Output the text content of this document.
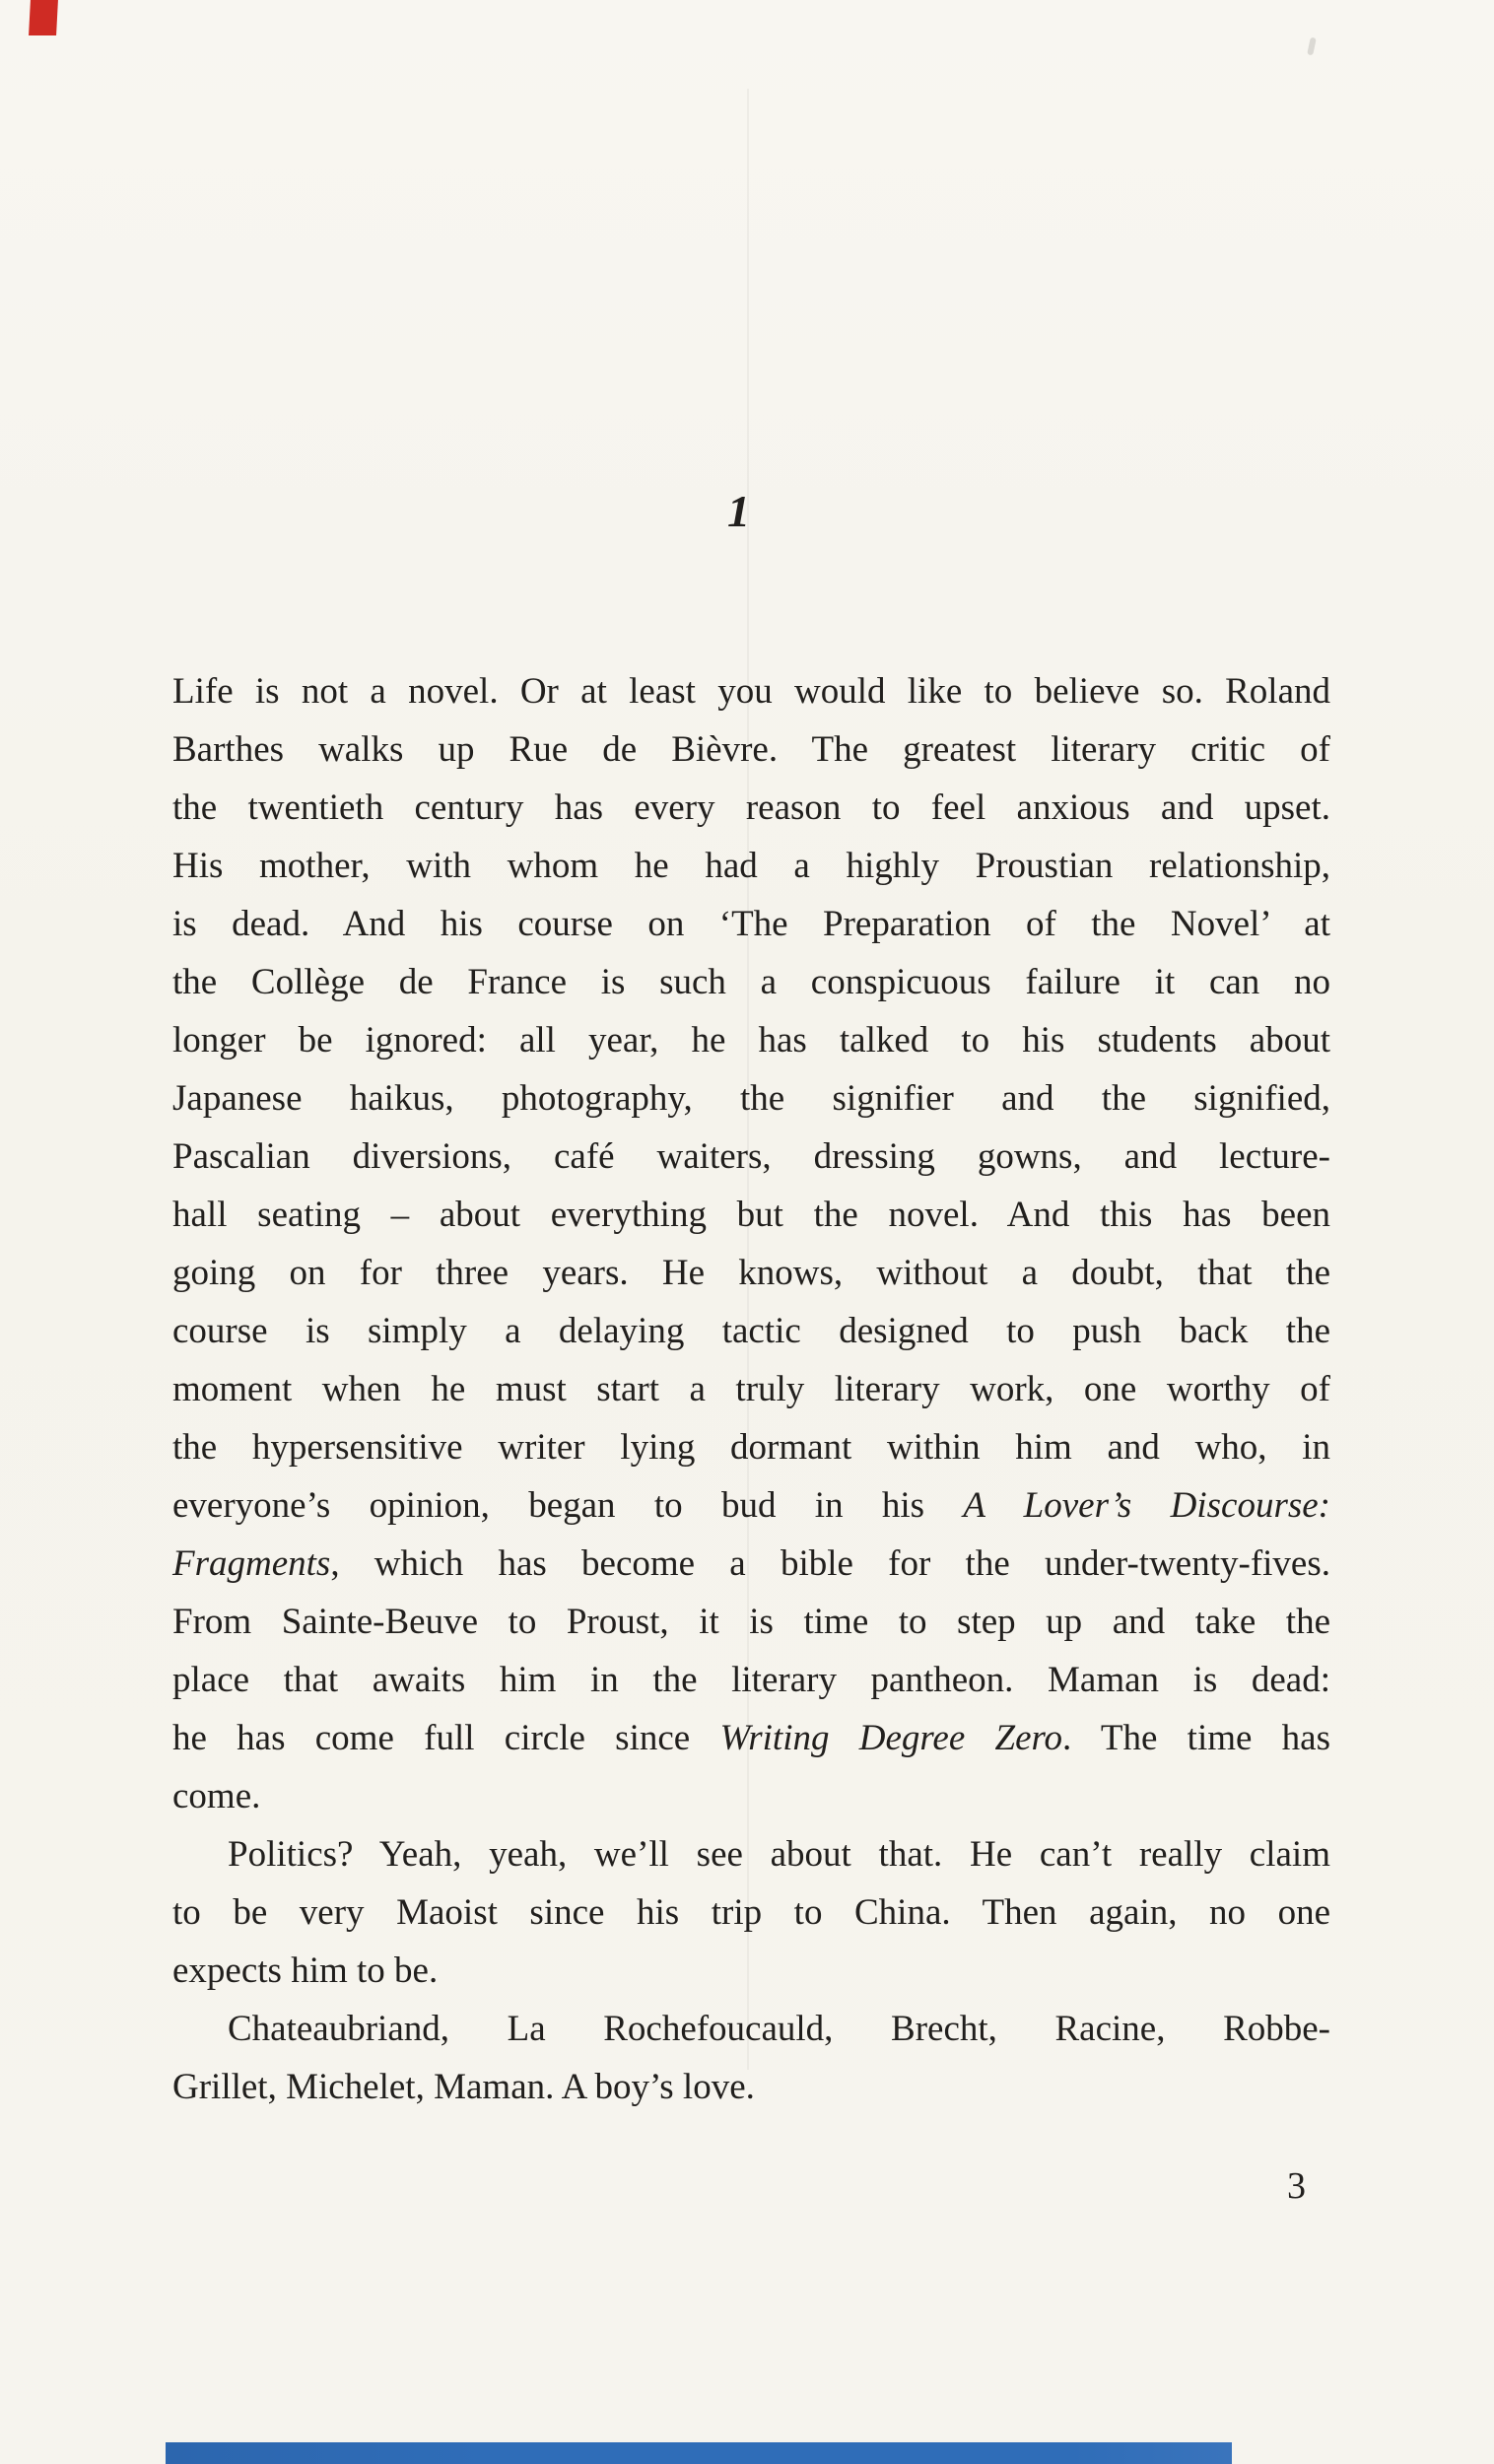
1
Life is not a novel. Or at least you would like to believe so. Roland
Barthes walks up Rue de Bièvre. The greatest literary critic of
the twentieth century has every reason to feel anxious and upset.
His mother, with whom he had a highly Proustian relationship,
is dead. And his course on ‘The Preparation of the Novel’ at
the Collège de France is such a conspicuous failure it can no
longer be ignored: all year, he has talked to his students about
Japanese haikus, photography, the signifier and the signified,
Pascalian diversions, café waiters, dressing gowns, and lecture-
hall seating – about everything but the novel. And this has been
going on for three years. He knows, without a doubt, that the
course is simply a delaying tactic designed to push back the
moment when he must start a truly literary work, one worthy of
the hypersensitive writer lying dormant within him and who, in
everyone’s opinion, began to bud in his A Lover’s Discourse:
Fragments, which has become a bible for the under-twenty-fives.
From Sainte-Beuve to Proust, it is time to step up and take the
place that awaits him in the literary pantheon. Maman is dead:
he has come full circle since Writing Degree Zero. The time has
come.
Politics? Yeah, yeah, we’ll see about that. He can’t really claim
to be very Maoist since his trip to China. Then again, no one
expects him to be.
Chateaubriand, La Rochefoucauld, Brecht, Racine, Robbe-
Grillet, Michelet, Maman. A boy’s love.
3
